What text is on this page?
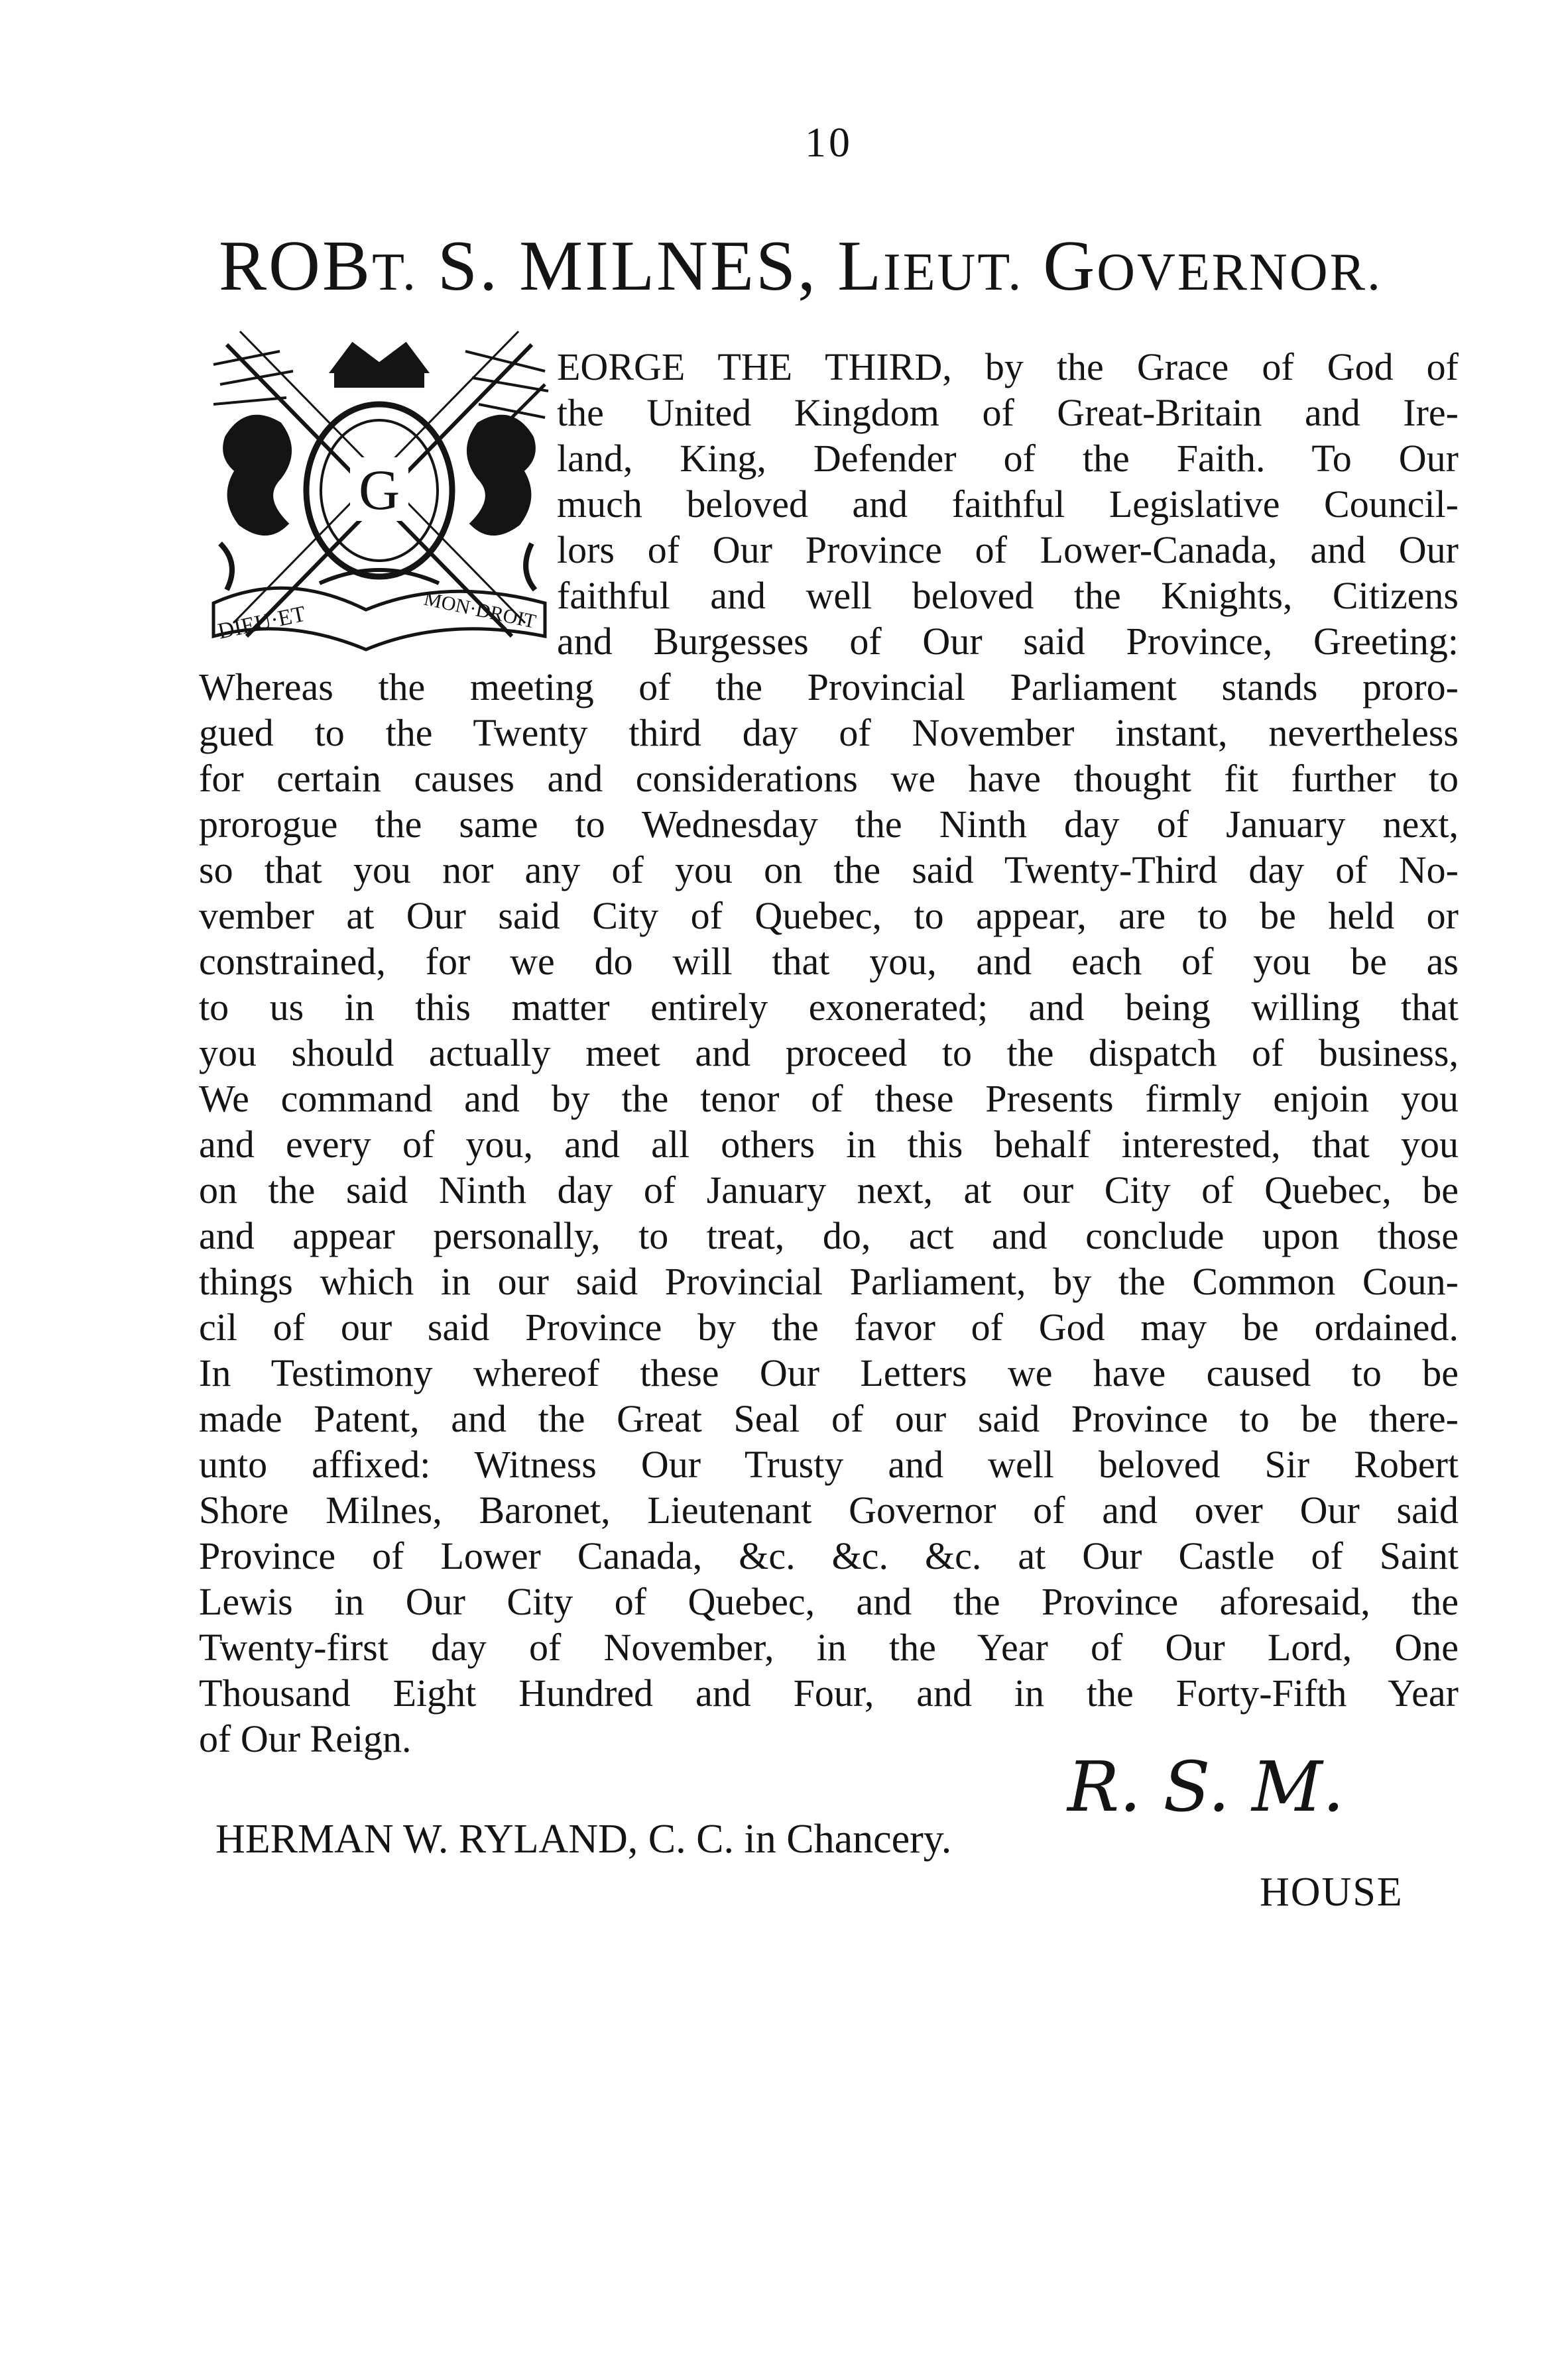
10
ROBT. S. MILNES, LIEUT. GOVERNOR.
G
DIEU·ET	MON·DROIT
EORGE THE THIRD, by the Grace of God of
the United Kingdom of Great-Britain and Ire-
land, King, Defender of the Faith. To Our
much beloved and faithful Legislative Council-
lors of Our Province of Lower-Canada, and Our
faithful and well beloved the Knights, Citizens
and Burgesses of Our said Province, Greeting:
Whereas the meeting of the Provincial Parliament stands proro-
gued to the Twenty third day of November instant, nevertheless
for certain causes and considerations we have thought fit further to
prorogue the same to Wednesday the Ninth day of January next,
so that you nor any of you on the said Twenty-Third day of No-
vember at Our said City of Quebec, to appear, are to be held or
constrained, for we do will that you, and each of you be as
to us in this matter entirely exonerated; and being willing that
you should actually meet and proceed to the dispatch of business,
We command and by the tenor of these Presents firmly enjoin you
and every of you, and all others in this behalf interested, that you
on the said Ninth day of January next, at our City of Quebec, be
and appear personally, to treat, do, act and conclude upon those
things which in our said Provincial Parliament, by the Common Coun-
cil of our said Province by the favor of God may be ordained.
In Testimony whereof these Our Letters we have caused to be
made Patent, and the Great Seal of our said Province to be there-
unto affixed: Witness Our Trusty and well beloved Sir Robert
Shore Milnes, Baronet, Lieutenant Governor of and over Our said
Province of Lower Canada, &c. &c. &c. at Our Castle of Saint
Lewis in Our City of Quebec, and the Province aforesaid, the
Twenty-first day of November, in the Year of Our Lord, One
Thousand Eight Hundred and Four, and in the Forty-Fifth Year
of Our Reign.
R. S. M.
HERMAN W. RYLAND, C. C. in Chancery.
HOUSE
